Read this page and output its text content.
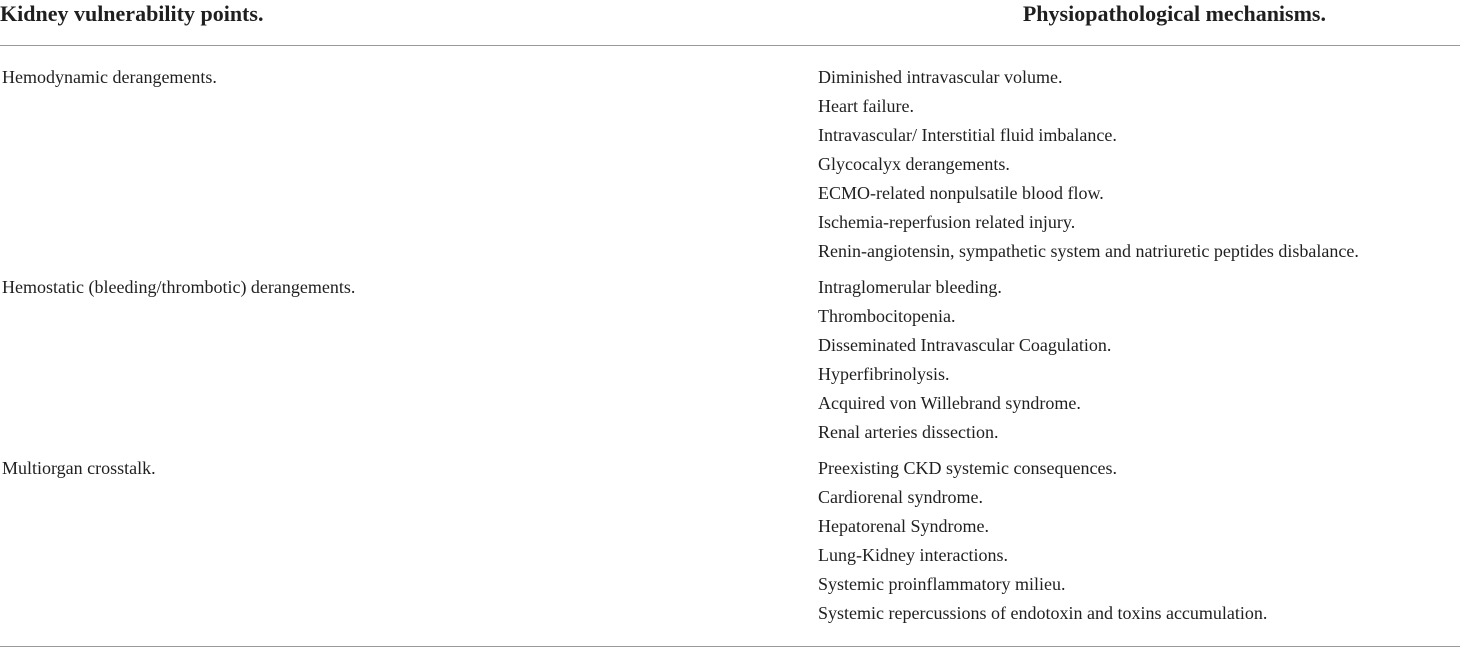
Kidney vulnerability points.	Physiopathological mechanisms.
Hemodynamic derangements.	Diminished intravascular volume.
Heart failure.
Intravascular/ Interstitial fluid imbalance.
Glycocalyx derangements.
ECMO-related nonpulsatile blood flow.
Ischemia-reperfusion related injury.
Renin-angiotensin, sympathetic system and natriuretic peptides disbalance.
Hemostatic (bleeding/thrombotic) derangements.	Intraglomerular bleeding.
Thrombocitopenia.
Disseminated Intravascular Coagulation.
Hyperfibrinolysis.
Acquired von Willebrand syndrome.
Renal arteries dissection.
Multiorgan crosstalk.	Preexisting CKD systemic consequences.
Cardiorenal syndrome.
Hepatorenal Syndrome.
Lung-Kidney interactions.
Systemic proinflammatory milieu.
Systemic repercussions of endotoxin and toxins accumulation.
